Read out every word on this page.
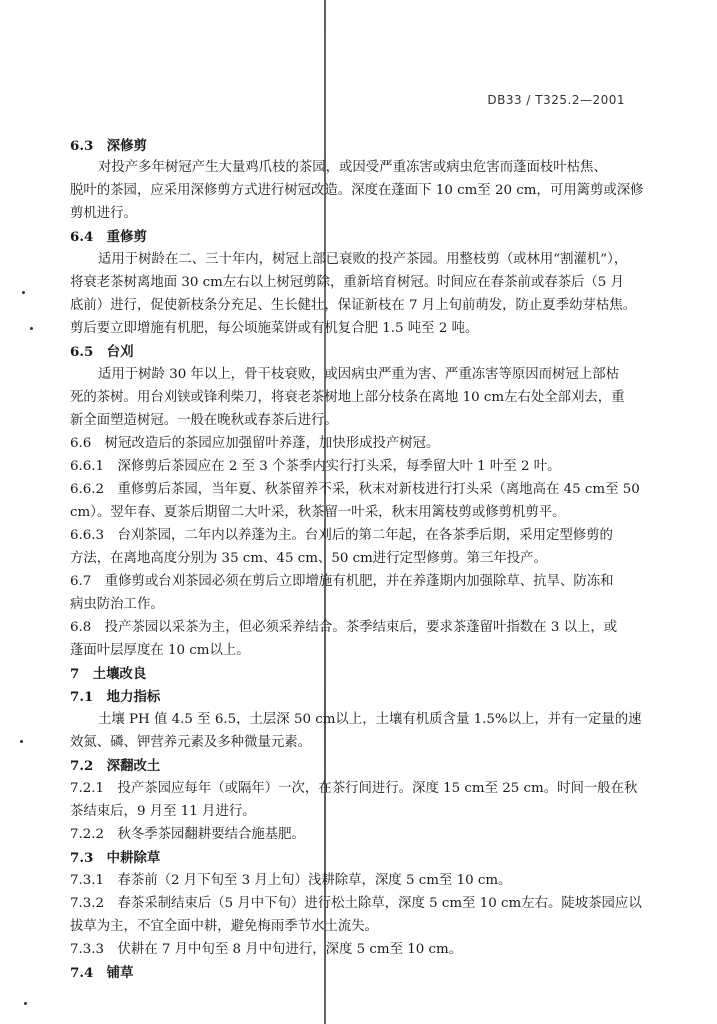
DB33 / T325.2—2001
6.3　深修剪
对投产多年树冠产生大量鸡爪枝的茶园，或因受严重冻害或病虫危害而蓬面枝叶枯焦、
脱叶的茶园，应采用深修剪方式进行树冠改造。深度在蓬面下 10 cm至 20 cm，可用篱剪或深修
剪机进行。
6.4　重修剪
适用于树龄在二、三十年内，树冠上部已衰败的投产茶园。用整枝剪（或林用“割灌机”），
将衰老茶树离地面 30 cm左右以上树冠剪除，重新培育树冠。时间应在春茶前或春茶后（5 月
底前）进行，促使新枝条分充足、生长健壮，保证新枝在 7 月上旬前萌发，防止夏季幼芽枯焦。
剪后要立即增施有机肥，每公顷施菜饼或有机复合肥 1.5 吨至 2 吨。
6.5　台刈
适用于树龄 30 年以上，骨干枝衰败，或因病虫严重为害、严重冻害等原因而树冠上部枯
死的茶树。用台刈铗或锋利柴刀，将衰老茶树地上部分枝条在离地 10 cm左右处全部刈去，重
新全面塑造树冠。一般在晚秋或春茶后进行。
6.6　树冠改造后的茶园应加强留叶养蓬，加快形成投产树冠。
6.6.1　深修剪后茶园应在 2 至 3 个茶季内实行打头采，每季留大叶 1 叶至 2 叶。
6.6.2　重修剪后茶园，当年夏、秋茶留养不采，秋末对新枝进行打头采（离地高在 45 cm至 50
cm）。翌年春、夏茶后期留二大叶采，秋茶留一叶采，秋末用篱枝剪或修剪机剪平。
6.6.3　台刈茶园，二年内以养蓬为主。台刈后的第二年起，在各茶季后期，采用定型修剪的
方法，在离地高度分别为 35 cm、45 cm、50 cm进行定型修剪。第三年投产。
6.7　重修剪或台刈茶园必须在剪后立即增施有机肥，并在养蓬期内加强除草、抗旱、防冻和
病虫防治工作。
6.8　投产茶园以采茶为主，但必须采养结合。茶季结束后，要求茶蓬留叶指数在 3 以上，或
蓬面叶层厚度在 10 cm以上。
7　土壤改良
7.1　地力指标
土壤 PH 值 4.5 至 6.5，土层深 50 cm以上，土壤有机质含量 1.5%以上，并有一定量的速
效氮、磷、钾营养元素及多种微量元素。
7.2　深翻改土
7.2.1　投产茶园应每年（或隔年）一次，在茶行间进行。深度 15 cm至 25 cm。时间一般在秋
茶结束后，9 月至 11 月进行。
7.2.2　秋冬季茶园翻耕要结合施基肥。
7.3　中耕除草
7.3.1　春茶前（2 月下旬至 3 月上旬）浅耕除草，深度 5 cm至 10 cm。
7.3.2　春茶采制结束后（5 月中下旬）进行松土除草，深度 5 cm至 10 cm左右。陡坡茶园应以
拔草为主，不宜全面中耕，避免梅雨季节水土流失。
7.3.3　伏耕在 7 月中旬至 8 月中旬进行，深度 5 cm至 10 cm。
7.4　铺草
